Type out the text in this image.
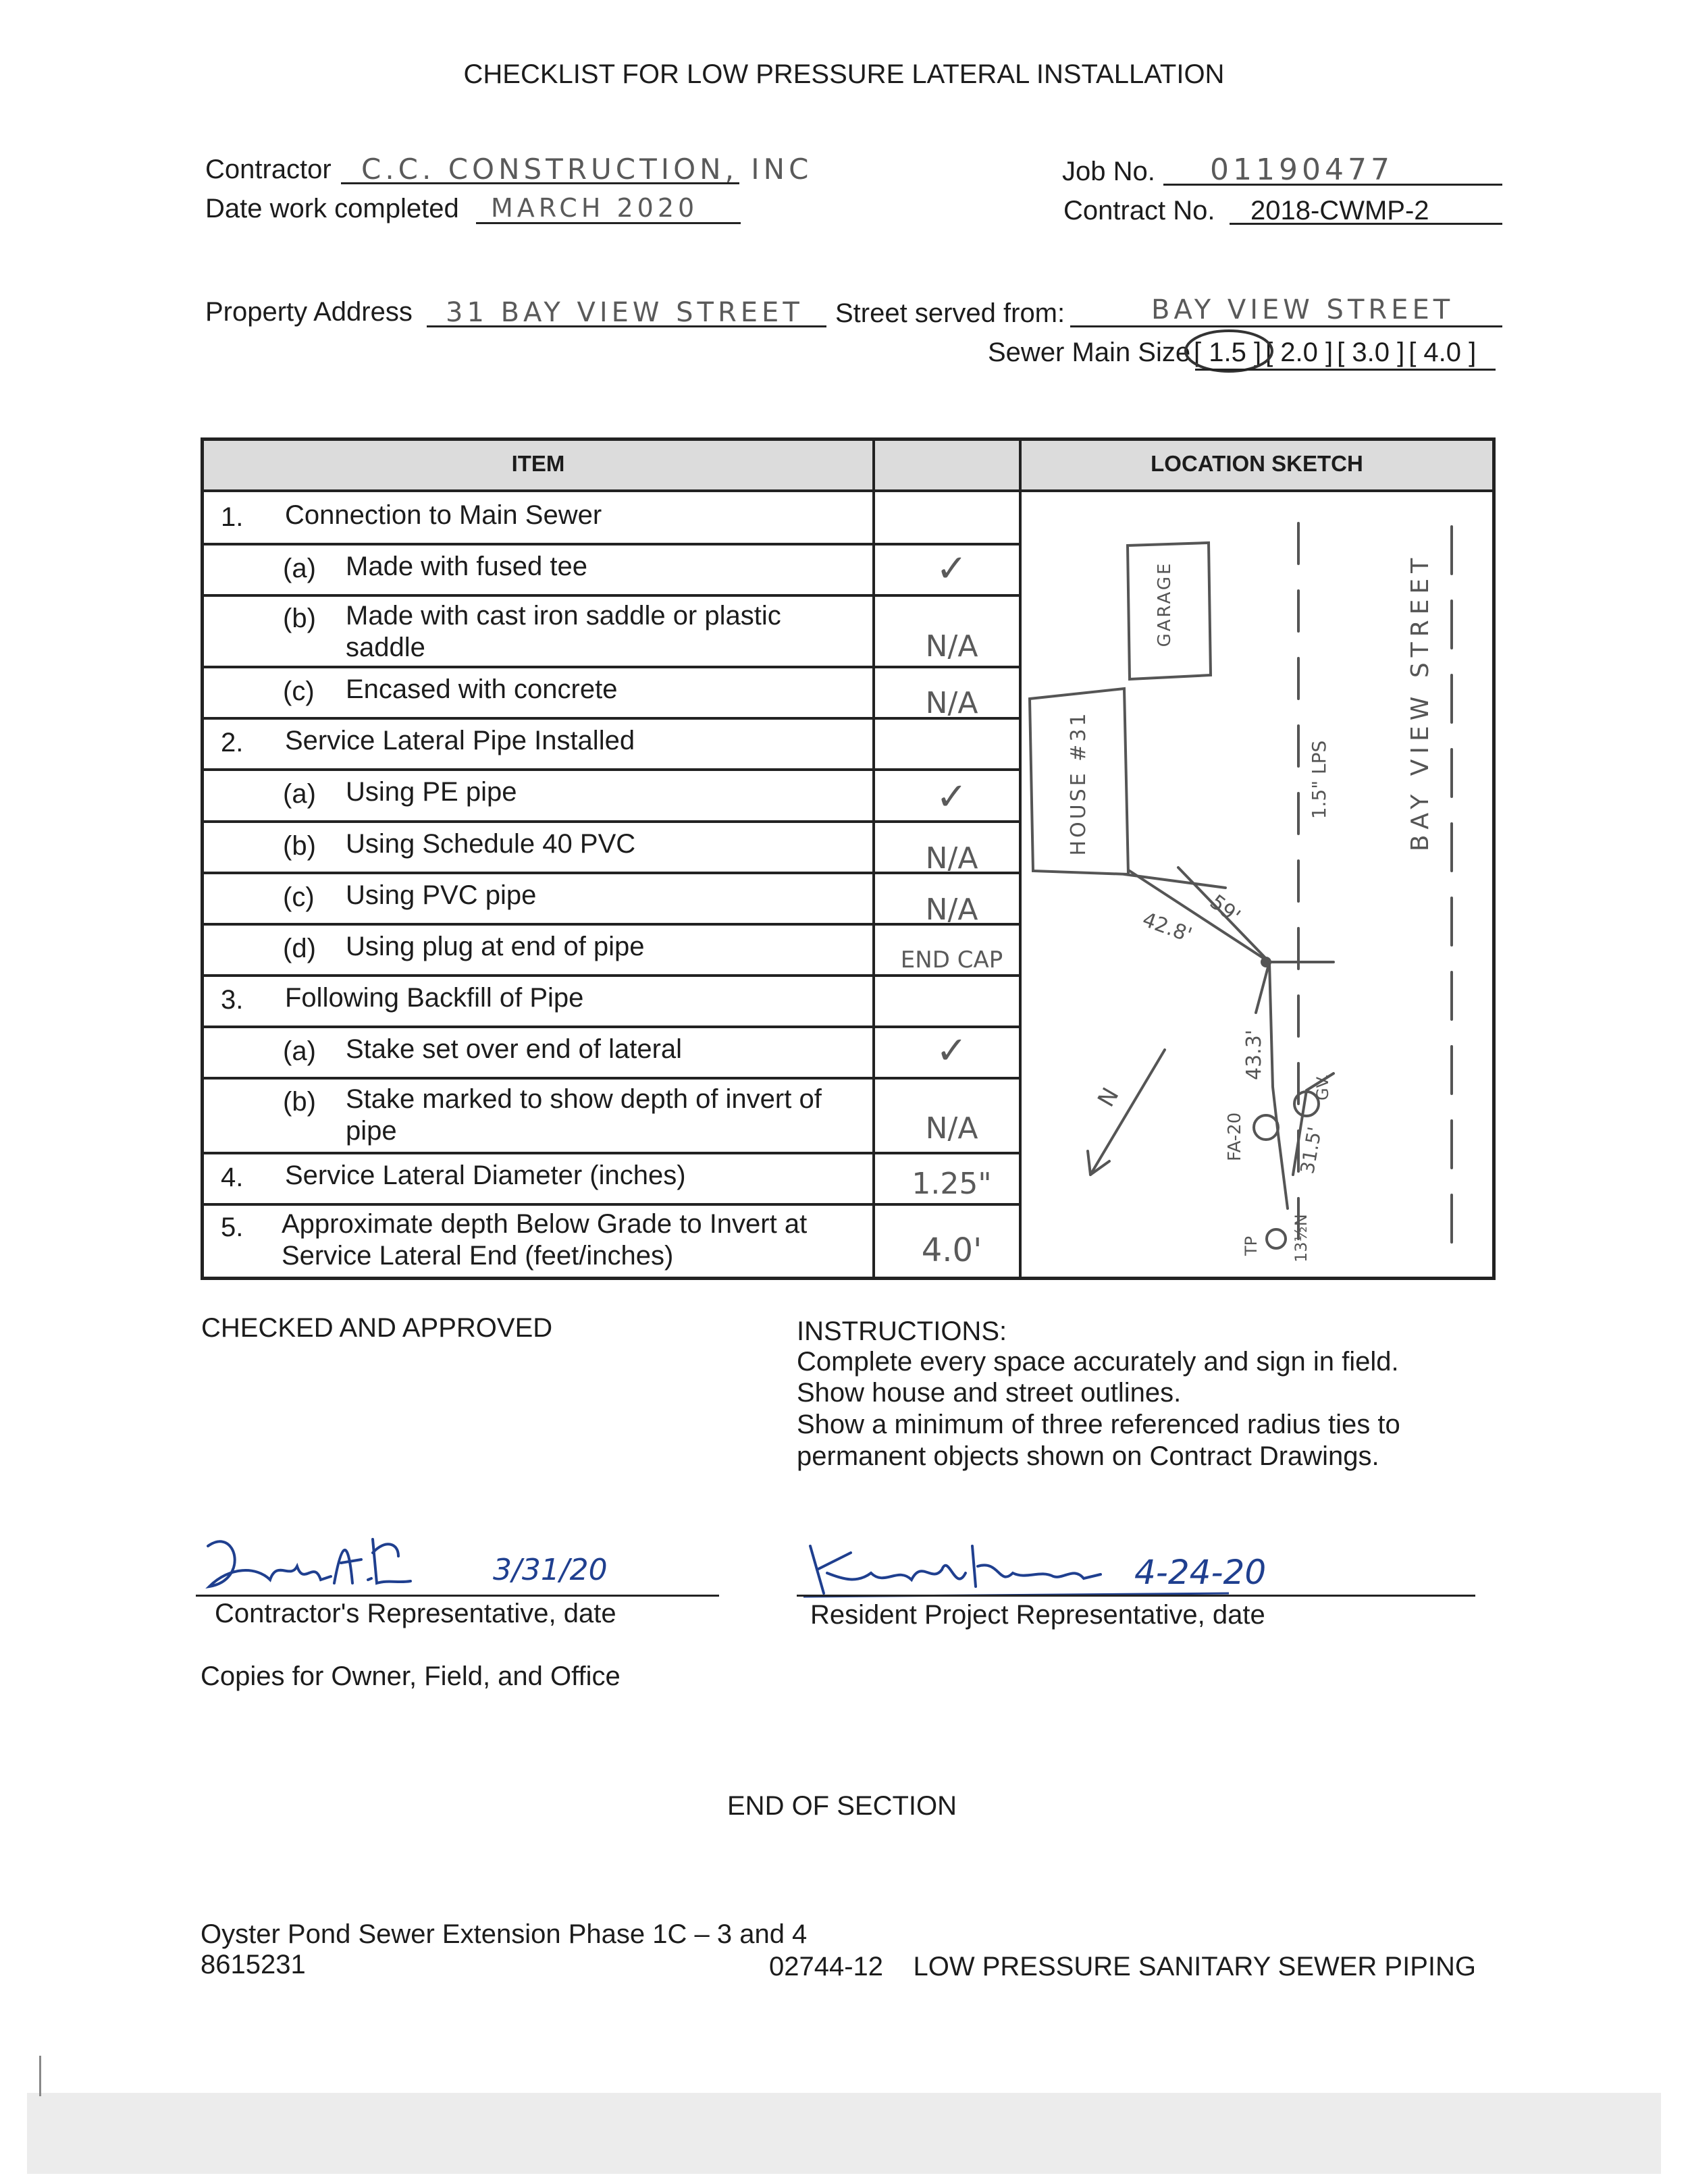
CHECKLIST FOR LOW PRESSURE LATERAL INSTALLATION
Contractor C.C. CONSTRUCTION, INC
Date work completed MARCH 2020
Job No. 01190477
Contract No. 2018-CWMP-2
Property Address 31 BAY VIEW STREET Street served from:	BAY VIEW STREET
Sewer Main Size [ 1.5 ] [ 2.0 ] [ 3.0 ] [ 4.0 ]
ITEM	LOCATION SKETCH
1. Connection to Main Sewer
(a) Made with fused tee	✓
(b) Made with cast iron saddle or plastic saddle	N/A
(c) Encased with concrete	N/A
2. Service Lateral Pipe Installed
(a) Using PE pipe	✓
(b) Using Schedule 40 PVC	N/A
(c) Using PVC pipe	N/A
(d) Using plug at end of pipe	END CAP
3. Following Backfill of Pipe
(a) Stake set over end of lateral	✓
(b) Stake marked to show depth of invert of pipe	N/A
4. Service Lateral Diameter (inches)	1.25"
5. Approximate depth Below Grade to Invert at Service Lateral End (feet/inches)	4.0'
GARAGE
HOUSE #31	BAY VIEW STREET
1.5" LPS
59'
42.8'
43.3'
31.5'
FA-20
GV.
TP 13½N
N
CHECKED AND APPROVED	INSTRUCTIONS:
Complete every space accurately and sign in field.
Show house and street outlines.
Show a minimum of three referenced radius ties to
permanent objects shown on Contract Drawings.
3/31/20
Contractor's Representative, date
4-24-20
Resident Project Representative, date
Copies for Owner, Field, and Office
END OF SECTION
Oyster Pond Sewer Extension Phase 1C – 3 and 4
8615231	02744-12    LOW PRESSURE SANITARY SEWER PIPING
